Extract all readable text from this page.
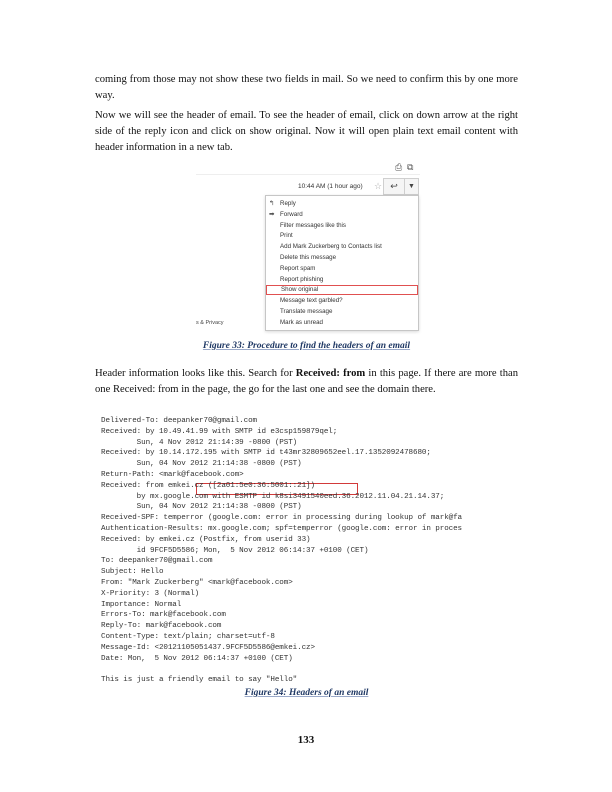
coming from those may not show these two fields in mail. So we need to confirm this by one more way.

Now we will see the header of email. To see the header of email, click on down arrow at the right side of the reply icon and click on show original. Now it will open plain text email content with header information in a new tab.

⎙ ⧉
10:44 AM (1 hour ago) ☆ ↩	▼
↰ Reply
➡ Forward
Filter messages like this
Print
Add Mark Zuckerberg to Contacts list
Delete this message
Report spam
Report phishing
Show original
Message text garbled?
Translate message
Mark as unread
s & Privacy
Figure 33: Procedure to find the headers of an email

Header information looks like this. Search for Received: from in this page. If there are more than one Received: from in the page, the go for the last one and see the domain there.

Delivered-To: deepanker70@gmail.com
Received: by 10.49.41.99 with SMTP id e3csp159879qel;
Sun, 4 Nov 2012 21:14:39 -0800 (PST)
Received: by 10.14.172.195 with SMTP id t43mr32809652eel.17.1352092478680;
Sun, 04 Nov 2012 21:14:38 -0800 (PST)
Return-Path: <mark@facebook.com>
Received: from emkei.cz ([2a01:5e0:36:5001::21])
by mx.google.com with ESMTP id k8si3491540eed.36.2012.11.04.21.14.37;
Sun, 04 Nov 2012 21:14:38 -0800 (PST)
Received-SPF: temperror (google.com: error in processing during lookup of mark@fa
Authentication-Results: mx.google.com; spf=temperror (google.com: error in proces
Received: by emkei.cz (Postfix, from userid 33)
id 9FCF5D5586; Mon,  5 Nov 2012 06:14:37 +0100 (CET)
To: deepanker70@gmail.com
Subject: Hello
From: "Mark Zuckerberg" <mark@facebook.com>
X-Priority: 3 (Normal)
Importance: Normal
Errors-To: mark@facebook.com
Reply-To: mark@facebook.com
Content-Type: text/plain; charset=utf-8
Message-Id: <20121105051437.9FCF5D5586@emkei.cz>
Date: Mon,  5 Nov 2012 06:14:37 +0100 (CET)
This is just a friendly email to say "Hello"
Figure 34: Headers of an email
133
